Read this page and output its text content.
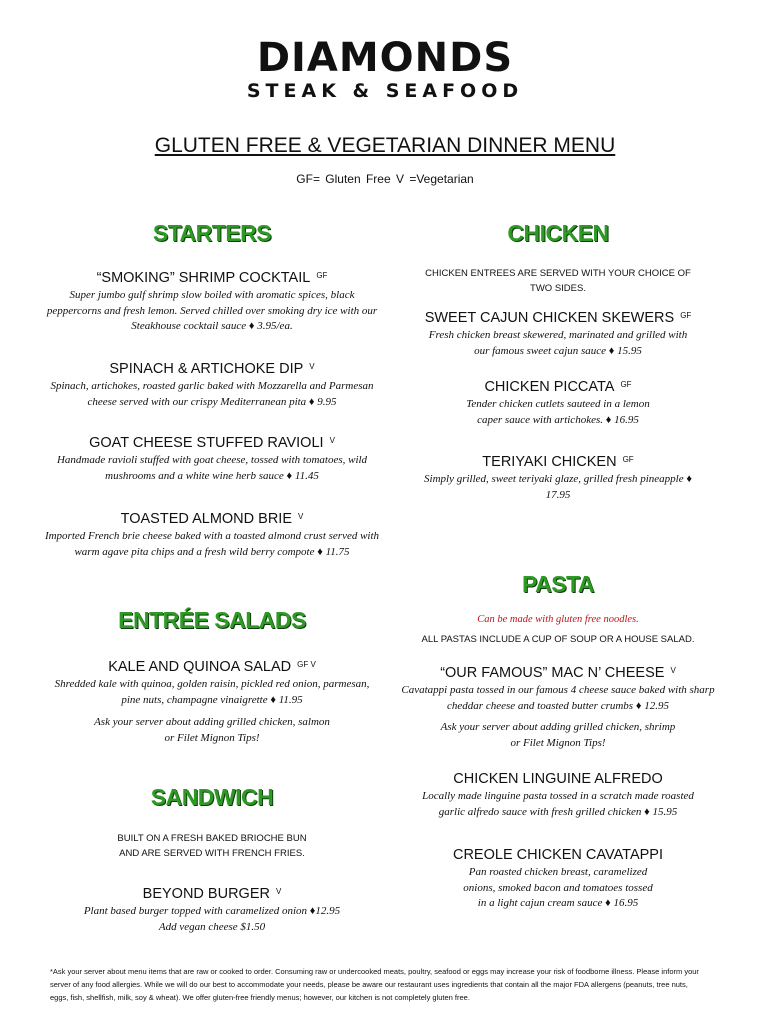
DIAMONDS
STEAK & SEAFOOD
GLUTEN FREE & VEGETARIAN DINNER MENU
GF= Gluten Free V =Vegetarian
STARTERS
“SMOKING” SHRIMP COCKTAIL $^{GF}$
Super jumbo gulf shrimp slow boiled with aromatic spices, black peppercorns and fresh lemon. Served chilled over smoking dry ice with our Steakhouse cocktail sauce ♦ 3.95/ea.
SPINACH & ARTICHOKE DIP $^V$
Spinach, artichokes, roasted garlic baked with Mozzarella and Parmesan cheese served with our crispy Mediterranean pita ♦ 9.95
GOAT CHEESE STUFFED RAVIOLI $^V$
Handmade ravioli stuffed with goat cheese, tossed with tomatoes, wild mushrooms and a white wine herb sauce ♦ 11.45
TOASTED ALMOND BRIE $^V$
Imported French brie cheese baked with a toasted almond crust served with warm agave pita chips and a fresh wild berry compote ♦ 11.75
ENTRÉE SALADS
KALE AND QUINOA SALAD $^{GF V}$
Shredded kale with quinoa, golden raisin, pickled red onion, parmesan, pine nuts, champagne vinaigrette ♦ 11.95
Ask your server about adding grilled chicken, salmon or Filet Mignon Tips!
SANDWICH
BUILT ON A FRESH BAKED BRIOCHE BUN AND ARE SERVED WITH FRENCH FRIES.
BEYOND BURGER $^V$
Plant based burger topped with caramelized onion ♦12.95
Add vegan cheese $1.50
CHICKEN
CHICKEN ENTREES ARE SERVED WITH YOUR CHOICE OF TWO SIDES.
SWEET CAJUN CHICKEN SKEWERS $^{GF}$
Fresh chicken breast skewered, marinated and grilled with our famous sweet cajun sauce ♦ 15.95
CHICKEN PICCATA $^{GF}$
Tender chicken cutlets sauteed in a lemon caper sauce with artichokes. ♦ 16.95
TERIYAKI CHICKEN $^{GF}$
Simply grilled, sweet teriyaki glaze, grilled fresh pineapple ♦ 17.95
PASTA
Can be made with gluten free noodles.
ALL PASTAS INCLUDE A CUP OF SOUP OR A HOUSE SALAD.
“OUR FAMOUS” MAC N’ CHEESE $^V$
Cavatappi pasta tossed in our famous 4 cheese sauce baked with sharp cheddar cheese and toasted butter crumbs ♦ 12.95
Ask your server about adding grilled chicken, shrimp or Filet Mignon Tips!
CHICKEN LINGUINE ALFREDO
Locally made linguine pasta tossed in a scratch made roasted garlic alfredo sauce with fresh grilled chicken ♦ 15.95
CREOLE CHICKEN CAVATAPPI
Pan roasted chicken breast, caramelized onions, smoked bacon and tomatoes tossed in a light cajun cream sauce ♦ 16.95
*Ask your server about menu items that are raw or cooked to order. Consuming raw or undercooked meats, poultry, seafood or eggs may increase your risk of foodborne illness. Please inform your server of any food allergies. While we will do our best to accommodate your needs, please be aware our restaurant uses ingredients that contain all the major FDA allergens (peanuts, tree nuts, eggs, fish, shellfish, milk, soy & wheat). We offer gluten-free friendly menus; however, our kitchen is not completely gluten free.
